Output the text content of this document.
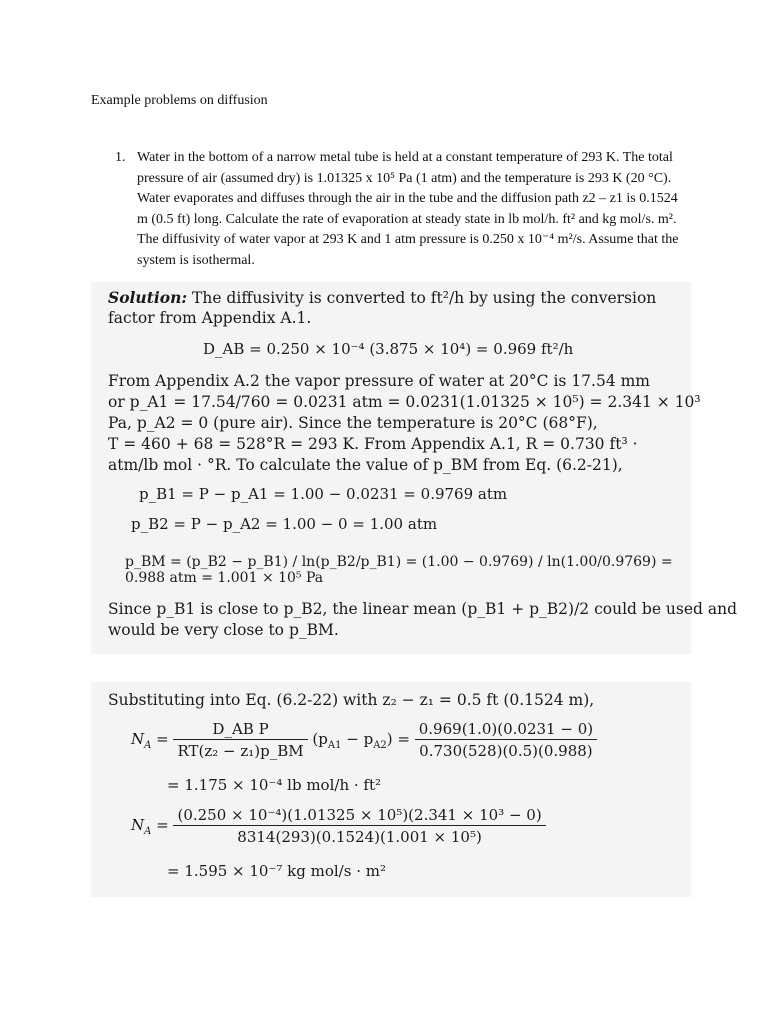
Example problems on diffusion
1. Water in the bottom of a narrow metal tube is held at a constant temperature of 293 K. The total pressure of air (assumed dry) is 1.01325 x 10⁵ Pa (1 atm) and the temperature is 293 K (20 °C). Water evaporates and diffuses through the air in the tube and the diffusion path z2 – z1 is 0.1524 m (0.5 ft) long. Calculate the rate of evaporation at steady state in lb mol/h. ft² and kg mol/s. m². The diffusivity of water vapor at 293 K and 1 atm pressure is 0.250 x 10⁻⁴ m²/s. Assume that the system is isothermal.
Solution: The diffusivity is converted to ft²/h by using the conversion
factor from Appendix A.1.
D_AB = 0.250 × 10⁻⁴ (3.875 × 10⁴) = 0.969 ft²/h
From Appendix A.2 the vapor pressure of water at 20°C is 17.54 mm
or p_A1 = 17.54/760 = 0.0231 atm = 0.0231(1.01325 × 10⁵) = 2.341 × 10³
Pa, p_A2 = 0 (pure air). Since the temperature is 20°C (68°F),
T = 460 + 68 = 528°R = 293 K. From Appendix A.1, R = 0.730 ft³ ·
atm/lb mol · °R. To calculate the value of p_BM from Eq. (6.2-21),
p_B1 = P − p_A1 = 1.00 − 0.0231 = 0.9769 atm
p_B2 = P − p_A2 = 1.00 − 0 = 1.00 atm
p_BM = (p_B2 − p_B1) / ln(p_B2/p_B1) = (1.00 − 0.9769) / ln(1.00/0.9769) = 0.988 atm = 1.001 × 10⁵ Pa
Since p_B1 is close to p_B2, the linear mean (p_B1 + p_B2)/2 could be used and
would be very close to p_BM.
Substituting into Eq. (6.2-22) with z₂ − z₁ = 0.5 ft (0.1524 m),
$N_A = \frac{\text{D\_AB P}}{\text{RT(z₂ − z₁)p\_BM}} (p_{A1} - p_{A2}) = \frac{0.969(1.0)(0.0231 - 0)}{0.730(528)(0.5)(0.988)}$
= 1.175 × 10⁻⁴ lb mol/h · ft²
$N_A = \frac{\text{(0.250 × 10⁻⁴)(1.01325 × 10⁵)(2.341 × 10³ − 0)}}{\text{8314(293)(0.1524)(1.001 × 10⁵)}}$
= 1.595 × 10⁻⁷ kg mol/s · m²
